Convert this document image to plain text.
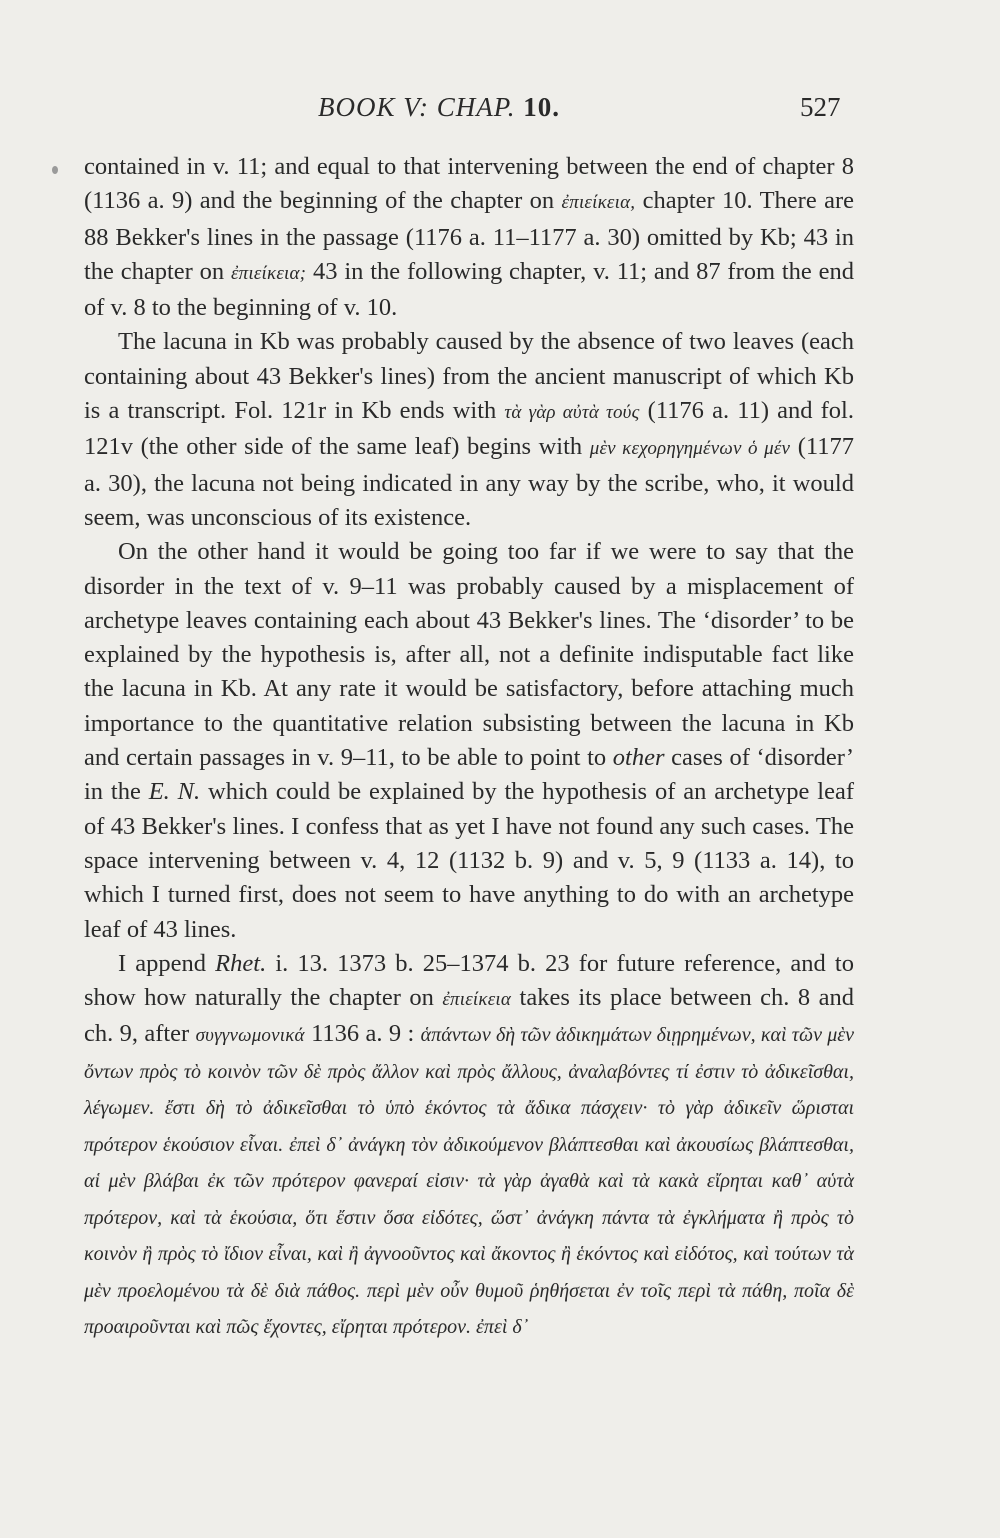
BOOK V: CHAP. 10.	527

contained in v. 11; and equal to that intervening between the end of chapter 8 (1136 a. 9) and the beginning of the chapter on ἐπιείκεια, chapter 10. There are 88 Bekker's lines in the passage (1176 a. 11–1177 a. 30) omitted by Kb; 43 in the chapter on ἐπιείκεια; 43 in the following chapter, v. 11; and 87 from the end of v. 8 to the beginning of v. 10.

The lacuna in Kb was probably caused by the absence of two leaves (each containing about 43 Bekker's lines) from the ancient manuscript of which Kb is a transcript. Fol. 121r in Kb ends with τὰ γὰρ αὐτὰ τούς (1176 a. 11) and fol. 121v (the other side of the same leaf) begins with μὲν κεχορηγημένων ὁ μέν (1177 a. 30), the lacuna not being indicated in any way by the scribe, who, it would seem, was unconscious of its existence.

On the other hand it would be going too far if we were to say that the disorder in the text of v. 9–11 was probably caused by a misplacement of archetype leaves containing each about 43 Bekker's lines. The ‘disorder’ to be explained by the hypothesis is, after all, not a definite indisputable fact like the lacuna in Kb. At any rate it would be satisfactory, before attaching much importance to the quantitative relation subsisting between the lacuna in Kb and certain passages in v. 9–11, to be able to point to other cases of ‘disorder’ in the E. N. which could be explained by the hypothesis of an archetype leaf of 43 Bekker's lines. I confess that as yet I have not found any such cases. The space intervening between v. 4, 12 (1132 b. 9) and v. 5, 9 (1133 a. 14), to which I turned first, does not seem to have anything to do with an archetype leaf of 43 lines.

I append Rhet. i. 13. 1373 b. 25–1374 b. 23 for future reference, and to show how naturally the chapter on ἐπιείκεια takes its place between ch. 8 and ch. 9, after συγγνωμονικά 1136 a. 9 : ἁπάντων δὴ τῶν ἀδικημάτων διῃρημένων, καὶ τῶν μὲν ὄντων πρὸς τὸ κοινὸν τῶν δὲ πρὸς ἄλλον καὶ πρὸς ἄλλους, ἀναλαβόντες τί ἐστιν τὸ ἀδικεῖσθαι, λέγωμεν. ἔστι δὴ τὸ ἀδικεῖσθαι τὸ ὑπὸ ἑκόντος τὰ ἄδικα πάσχειν· τὸ γὰρ ἀδικεῖν ὥρισται πρότερον ἑκούσιον εἶναι. ἐπεὶ δ᾽ ἀνάγκη τὸν ἀδικούμενον βλάπτεσθαι καὶ ἀκουσίως βλάπτεσθαι, αἱ μὲν βλάβαι ἐκ τῶν πρότερον φανεραί εἰσιν· τὰ γὰρ ἀγαθὰ καὶ τὰ κακὰ εἴρηται καθ᾽ αὑτὰ πρότερον, καὶ τὰ ἑκούσια, ὅτι ἔστιν ὅσα εἰδότες, ὥστ᾽ ἀνάγκη πάντα τὰ ἐγκλήματα ἢ πρὸς τὸ κοινὸν ἢ πρὸς τὸ ἴδιον εἶναι, καὶ ἢ ἀγνοοῦντος καὶ ἄκοντος ἢ ἑκόντος καὶ εἰδότος, καὶ τούτων τὰ μὲν προελομένου τὰ δὲ διὰ πάθος. περὶ μὲν οὖν θυμοῦ ῥηθήσεται ἐν τοῖς περὶ τὰ πάθη, ποῖα δὲ προαιροῦνται καὶ πῶς ἔχοντες, εἴρηται πρότερον. ἐπεὶ δ᾽
